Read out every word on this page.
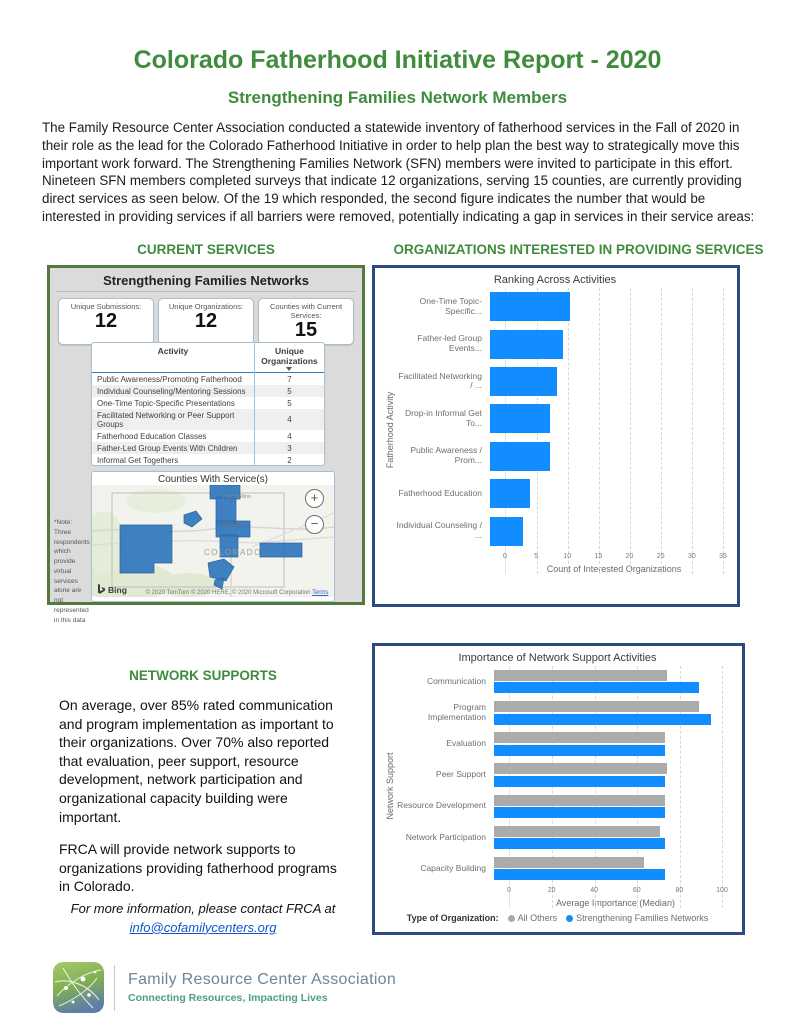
Colorado Fatherhood Initiative Report - 2020
Strengthening Families Network Members
The Family Resource Center Association conducted a statewide inventory of fatherhood services in the Fall of 2020 in their role as the lead for the Colorado Fatherhood Initiative in order to help plan the best way to strategically move this important work forward. The Strengthening Families Network (SFN) members were invited to participate in this effort. Nineteen SFN members completed surveys that indicate 12 organizations, serving 15 counties, are currently providing direct services as seen below. Of the 19 which responded, the second figure indicates the number that would be interested in providing services if all barriers were removed, potentially indicating a gap in services in their service areas:
CURRENT SERVICES	ORGANIZATIONS INTERESTED IN PROVIDING SERVICES
Strengthening Families Networks
Unique Submissions:
12
Unique Organizations:
12
Counties with Current Services:
15
Activity	Unique Organizations

Public Awareness/Promoting Fatherhood	7
Individual Counseling/Mentoring Sessions	5
One-Time Topic-Specific Presentations	5
Facilitated Networking or Peer Support Groups	4
Fatherhood Education Classes	4
Father-Led Group Events With Children	3
Informal Get Togethers	2
Counties With Service(s)
Fort Collins
Denver
COLORADO
+
−
Bing	© 2020 TomTom © 2020 HERE, © 2020 Microsoft Corporation Terms
*Note: Three respondents which provide virtual services alone are not represented in this data
Ranking Across Activities
Fatherhood Activity
One-Time Topic-Specific...
Father-led Group Events...
Facilitated Networking / ...
Drop-in Informal Get To...
Public Awareness / Prom...
Fatherhood Education
Individual Counseling / ...
0	5	10	15	20	25	30	35
Count of Interested Organizations
NETWORK SUPPORTS

On average, over 85% rated communication and program implementation as important to their organizations. Over 70% also reported that evaluation, peer support, resource development, network participation and organizational capacity building were important.

FRCA will provide network supports to organizations providing fatherhood programs in Colorado.

For more information, please contact FRCA at
info@cofamilycenters.org
Importance of Network Support Activities
Network Support
Communication
Program Implementation
Evaluation
Peer Support
Resource Development
Network Participation
Capacity Building
0	20	40	60	80	100
Average Importance (Median)
Type of Organization: All Others Strengthening Families Networks
Family Resource Center Association
Connecting Resources, Impacting Lives
